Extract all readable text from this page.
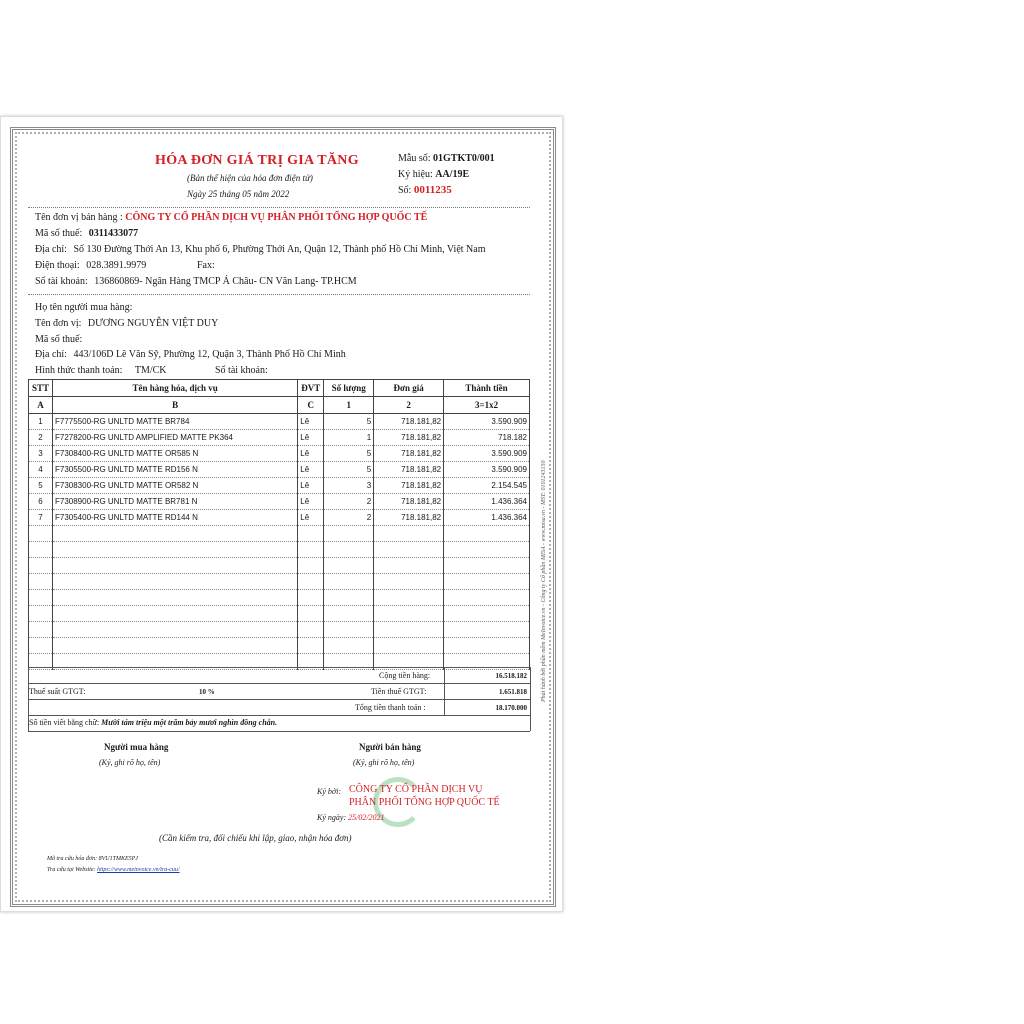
HÓA ĐƠN GIÁ TRỊ GIA TĂNG
(Bản thể hiện của hóa đơn điện tử)
Ngày 25 tháng 05 năm 2022
Mẫu số: 01GTKT0/001
Ký hiệu: AA/19E
Số: 0011235
Tên đơn vị bán hàng : CÔNG TY CỔ PHẦN DỊCH VỤ PHÂN PHỐI TỔNG HỢP QUỐC TẾ
Mã số thuế: 0311433077
Địa chỉ: Số 130 Đường Thới An 13, Khu phố 6, Phường Thới An, Quận 12, Thành phố Hồ Chí Minh, Việt Nam
Điện thoại: 028.3891.9979	Fax:
Số tài khoản: 136860869- Ngân Hàng TMCP Á Châu- CN Văn Lang- TP.HCM
Họ tên người mua hàng:
Tên đơn vị: DƯƠNG NGUYỄN VIỆT DUY
Mã số thuế:
Địa chỉ: 443/106D Lê Văn Sỹ, Phường 12, Quận 3, Thành Phố Hồ Chí Minh
Hình thức thanh toán: TM/CK	Số tài khoản:
STT	Tên hàng hóa, dịch vụ	ĐVT	Số lượng	Đơn giá	Thành tiền
A	B	C	1	2	3=1x2
1	F7775500-RG UNLTD MATTE BR784	Lê	5	718.181,82	3.590.909
2	F7278200-RG UNLTD AMPLIFIED MATTE PK364	Lê	1	718.181,82	718.182
3	F7308400-RG UNLTD MATTE OR585 N	Lê	5	718.181,82	3.590.909
4	F7305500-RG UNLTD MATTE RD156 N	Lê	5	718.181,82	3.590.909
5	F7308300-RG UNLTD MATTE OR582 N	Lê	3	718.181,82	2.154.545
6	F7308900-RG UNLTD MATTE BR781 N	Lê	2	718.181,82	1.436.364
7	F7305400-RG UNLTD MATTE RD144 N	Lê	2	718.181,82	1.436.364

Cộng tiền hàng:	16.518.182
Thuế suất GTGT:	10 %	Tiền thuế GTGT:	1.651.818
Tổng tiền thanh toán :	18.170.000
Số tiền viết bằng chữ: Mười tám triệu một trăm bảy mươi nghìn đồng chẵn.
Người mua hàng
(Ký, ghi rõ họ, tên)
Người bán hàng
(Ký, ghi rõ họ, tên)
Ký bởi: CÔNG TY CỔ PHẦN DỊCH VỤ
PHÂN PHỐI TỔNG HỢP QUỐC TẾ
Ký ngày: 25/02/2021
(Cần kiểm tra, đối chiếu khi lập, giao, nhận hóa đơn)
Mã tra cứu hóa đơn: 8VU1TMKE5PJ
Tra cứu tại Website: https://www.meinvoice.vn/tra-cuu/
Phát hành bởi phần mềm MeInvoice.vn - Công ty Cổ phần MISA - www.misa.vn - MST: 0101243150
